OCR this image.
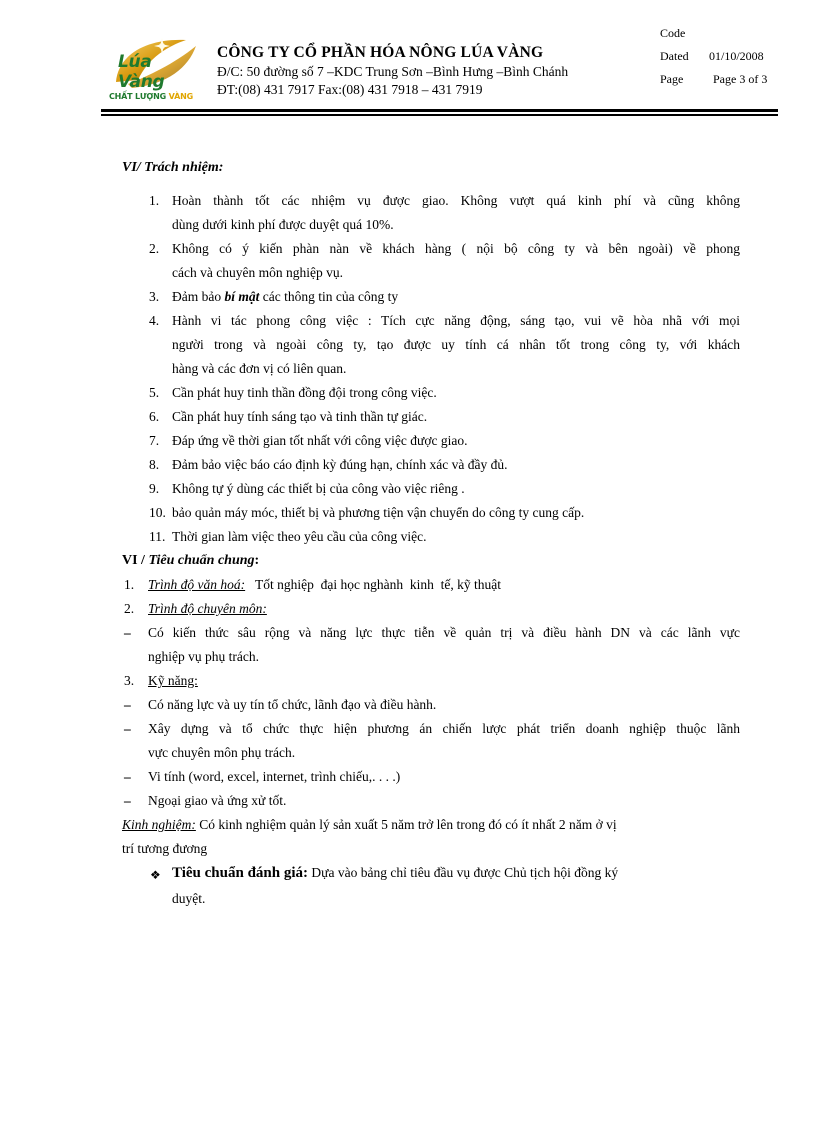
Lúa Vàng
CHẤT LƯỢNG VÀNG
CÔNG TY CỔ PHẦN HÓA NÔNG LÚA VÀNG
Đ/C: 50 đường số 7 –KDC Trung Sơn –Bình Hưng –Bình Chánh
ĐT:(08) 431 7917 Fax:(08) 431 7918 – 431 7919
Code
Dated 01/10/2008
Page Page 3 of 3
VI/ Trách nhiệm:
1. Hoàn thành tốt các nhiệm vụ được giao. Không vượt quá kinh phí và cũng không
dùng dưới kinh phí được duyệt quá 10%.
2. Không có ý kiến phàn nàn về khách hàng ( nội bộ công ty và bên ngoài) về phong
cách và chuyên môn nghiệp vụ.
3. Đảm bảo bí mật các thông tin của công ty
4. Hành vi tác phong công việc : Tích cực năng động, sáng tạo, vui vẽ hòa nhã với mọi
người trong và ngoài công ty, tạo được uy tính cá nhân tốt trong công ty, với khách
hàng và các đơn vị có liên quan.
5. Cần phát huy tinh thần đồng đội trong công việc.
6. Cần phát huy tính sáng tạo và tinh thần tự giác.
7. Đáp ứng về thời gian tốt nhất với công việc được giao.
8. Đảm bảo việc báo cáo định kỳ đúng hạn, chính xác và đầy đủ.
9. Không tự ý dùng các thiết bị của công vào việc riêng .
10. bảo quản máy móc, thiết bị và phương tiện vận chuyển do công ty cung cấp.
11. Thời gian làm việc theo yêu cầu của công việc.
VI / Tiêu chuẩn chung:
1. Trình độ văn hoá:   Tốt nghiệp  đại học nghành  kinh  tế, kỹ thuật
2. Trình độ chuyên môn:
– Có kiến thức sâu rộng và năng lực thực tiễn về quản trị và điều hành DN và các lãnh vực
nghiệp vụ phụ trách.
3. Kỹ năng:
– Có năng lực và uy tín tổ chức, lãnh đạo và điều hành.
– Xây dựng và tổ chức thực hiện phương án chiến lược phát triển doanh nghiệp thuộc lãnh
vực chuyên môn phụ trách.
– Vi tính (word, excel, internet, trình chiếu,. . . .)
– Ngoại giao và ứng xử tốt.
Kinh nghiệm: Có kinh nghiệm quản lý sản xuất 5 năm trở lên trong đó có ít nhất 2 năm ở vị
trí tương đương
❖ Tiêu chuẩn đánh giá: Dựa vào bảng chỉ tiêu đầu vụ được Chủ tịch hội đồng ký
duyệt.
